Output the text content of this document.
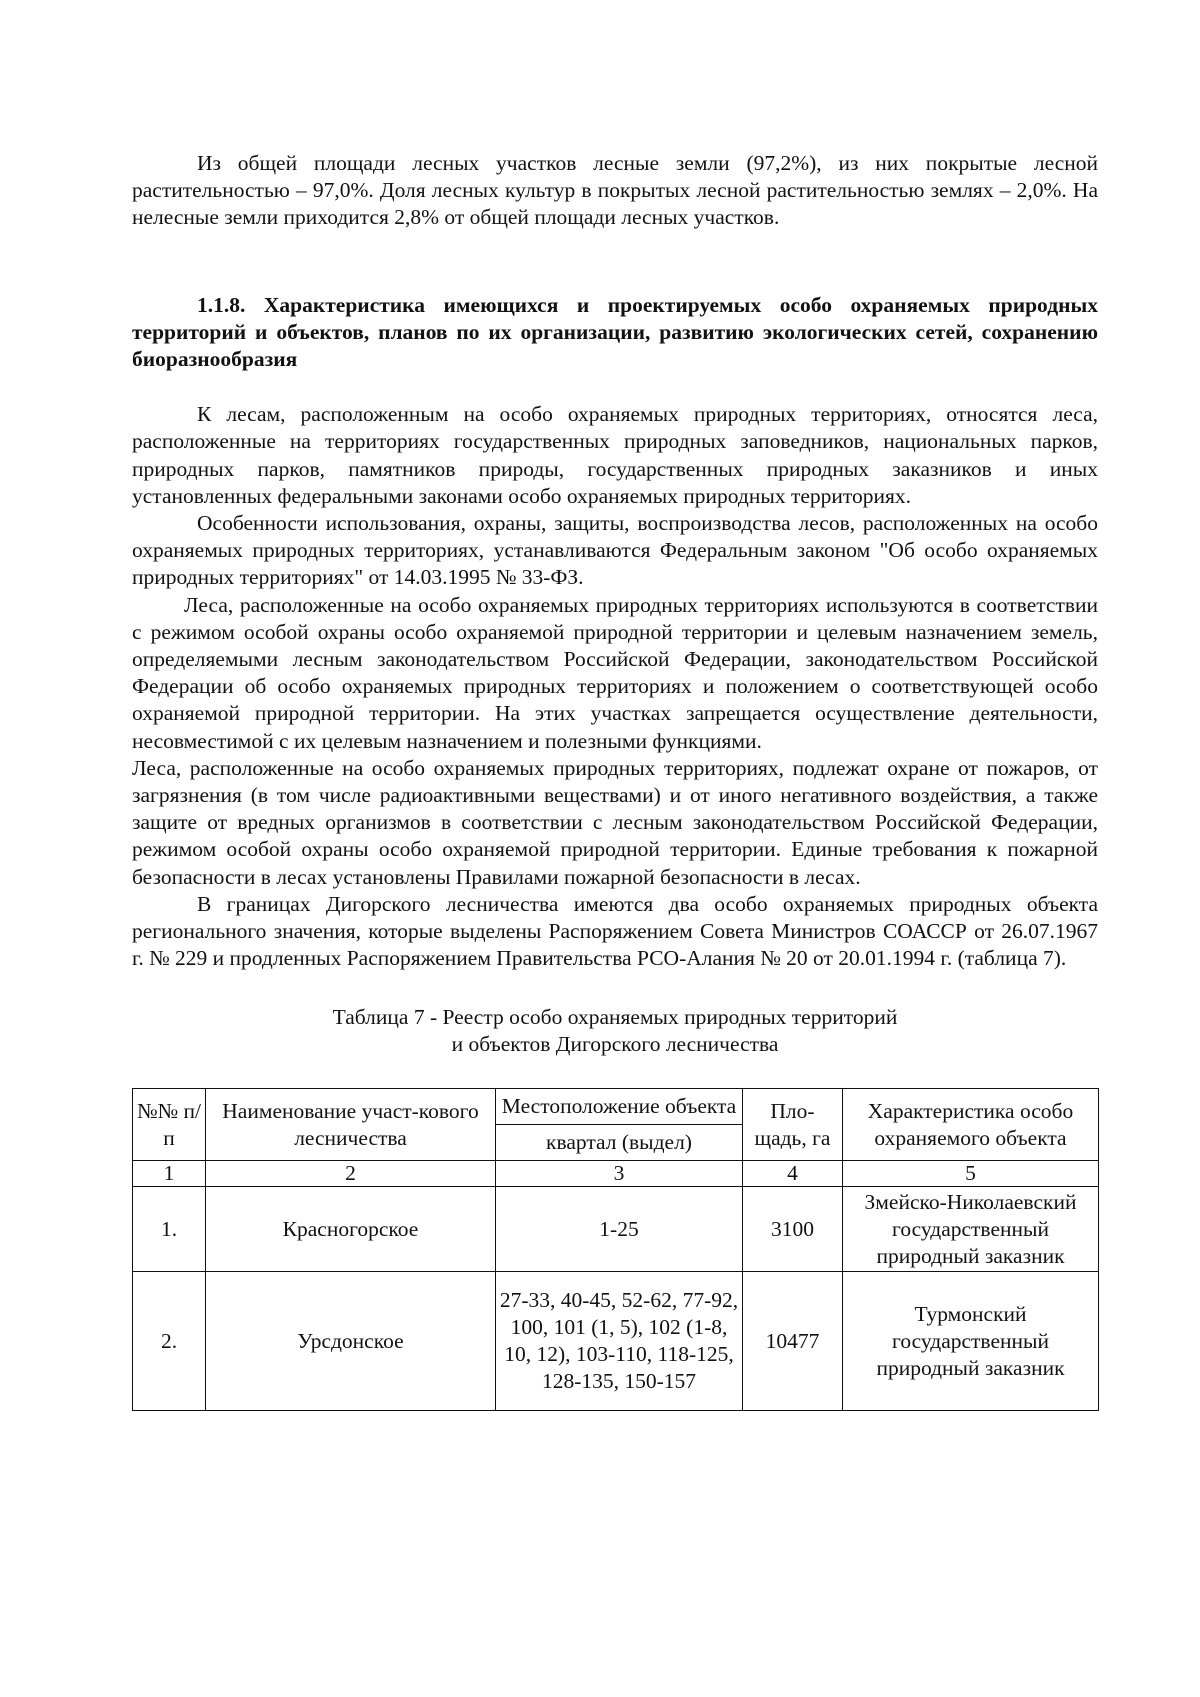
Из общей площади лесных участков лесные земли (97,2%), из них покрытые лесной растительностью – 97,0%. Доля лесных культур в покрытых лесной растительностью землях – 2,0%. На нелесные земли приходится 2,8% от общей площади лесных участков.

1.1.8. Характеристика имеющихся и проектируемых особо охраняемых природных территорий и объектов, планов по их организации, развитию экологических сетей, сохранению биоразнообразия

К лесам, расположенным на особо охраняемых природных территориях, относятся леса, расположенные на территориях государственных природных заповедников, национальных парков, природных парков, памятников природы, государственных природных заказников и иных установленных федеральными законами особо охраняемых природных территориях.

Особенности использования, охраны, защиты, воспроизводства лесов, расположенных на особо охраняемых природных территориях, устанавливаются Федеральным законом "Об особо охраняемых природных территориях" от 14.03.1995 № 33-ФЗ.

Леса, расположенные на особо охраняемых природных территориях используются в соответствии с режимом особой охраны особо охраняемой природной территории и целевым назначением земель, определяемыми лесным законодательством Российской Федерации, законодательством Российской Федерации об особо охраняемых природных территориях и положением о соответствующей особо охраняемой природной территории. На этих участках запрещается осуществление деятельности, несовместимой с их целевым назначением и полезными функциями.

Леса, расположенные на особо охраняемых природных территориях, подлежат охране от пожаров, от загрязнения (в том числе радиоактивными веществами) и от иного негативного воздействия, а также защите от вредных организмов в соответствии с лесным законодательством Российской Федерации, режимом особой охраны особо охраняемой природной территории. Единые требования к пожарной безопасности в лесах установлены Правилами пожарной безопасности в лесах.

В границах Дигорского лесничества имеются два особо охраняемых природных объекта регионального значения, которые выделены Распоряжением Совета Министров СОАССР от 26.07.1967 г. № 229 и продленных Распоряжением Правительства РСО-Алания № 20 от 20.01.1994 г. (таблица 7).

Таблица 7 - Реестр особо охраняемых природных территорий
и объектов Дигорского лесничества
№№ п/п	Наименование участ-кового лесничества	Местоположение объекта	Пло-щадь, га	Характеристика особо охраняемого объекта
		квартал (выдел)		
1	2	3	4	5
1.	Красногорское	1-25	3100	Змейско-Николаевский государственный природный заказник
2.	Урсдонское	27-33, 40-45, 52-62, 77-92, 100, 101 (1, 5), 102 (1-8, 10, 12), 103-110, 118-125, 128-135, 150-157	10477	Турмонский государственный природный заказник
